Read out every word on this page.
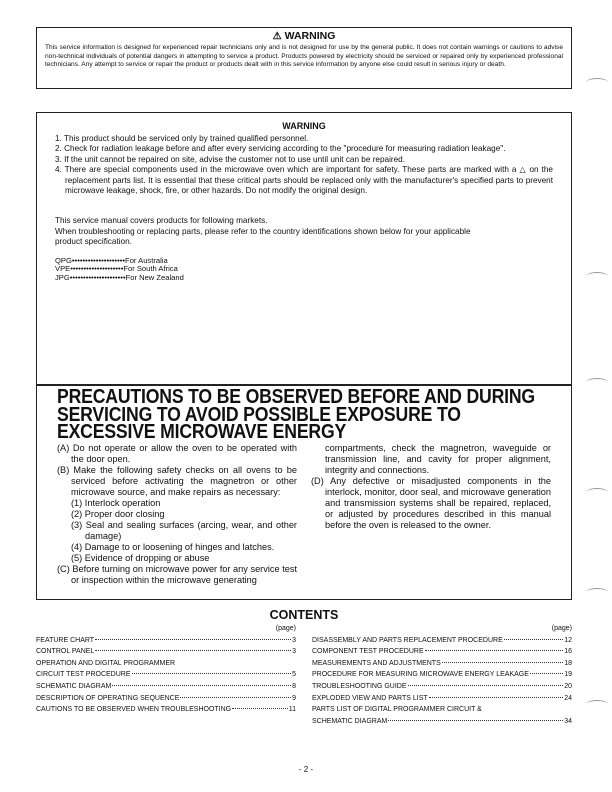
⚠ WARNING

This service information is designed for experienced repair technicians only and is not designed for use by the general public. It does not contain warnings or cautions to advise non-technical individuals of potential dangers in attempting to service a product. Products powered by electricity should be serviced or repaired only by experienced professional technicians. Any attempt to service or repair the product or products dealt with in this service information by anyone else could result in serious injury or death.

WARNING
1. This product should be serviced only by trained qualified personnel.
2. Check for radiation leakage before and after every servicing according to the "procedure for measuring radiation leakage".
3. If the unit cannot be repaired on site, advise the customer not to use until unit can be repaired.
4. There are special components used in the microwave oven which are important for safety. These parts are marked with a △ on the replacement parts list. It is essential that these critical parts should be replaced only with the manufacturer's specified parts to prevent microwave leakage, shock, fire, or other hazards. Do not modify the original design.

This service manual covers products for following markets.

When troubleshooting or replacing parts, please refer to the country identifications shown below for your applicable product specification.

QPG••••••••••••••••••••For Australia
VPE••••••••••••••••••••For South Africa
JPG•••••••••••••••••••••For New Zealand
PRECAUTIONS TO BE OBSERVED BEFORE AND DURING SERVICING TO AVOID POSSIBLE EXPOSURE TO EXCESSIVE MICROWAVE ENERGY

(A) Do not operate or allow the oven to be operated with the door open.

(B) Make the following safety checks on all ovens to be serviced before activating the magnetron or other microwave source, and make repairs as necessary:

(1) Interlock operation

(2) Proper door closing

(3) Seal and sealing surfaces (arcing, wear, and other damage)

(4) Damage to or loosening of hinges and latches.

(5) Evidence of dropping or abuse

(C) Before turning on microwave power for any service test or inspection within the microwave generating

compartments, check the magnetron, waveguide or transmission line, and cavity for proper alignment, integrity and connections.

(D) Any defective or misadjusted components in the interlock, monitor, door seal, and microwave generation and transmission systems shall be repaired, replaced, or adjusted by procedures described in this manual before the oven is released to the owner.

CONTENTS
(page)
FEATURE CHART	3
CONTROL PANEL	3
OPERATION AND DIGITAL PROGRAMMER
CIRCUIT TEST PROCEDURE	5
SCHEMATIC DIAGRAM	8
DESCRIPTION OF OPERATING SEQUENCE	9
CAUTIONS TO BE OBSERVED WHEN TROUBLESHOOTING	11
(page)
DISASSEMBLY AND PARTS REPLACEMENT PROCEDURE	12
COMPONENT TEST PROCEDURE	16
MEASUREMENTS AND ADJUSTMENTS	18
PROCEDURE FOR MEASURING MICROWAVE ENERGY LEAKAGE	19
TROUBLESHOOTING GUIDE	20
EXPLODED VIEW AND PARTS LIST	24
PARTS LIST OF DIGITAL PROGRAMMER CIRCUIT &
SCHEMATIC DIAGRAM	34
- 2 -
